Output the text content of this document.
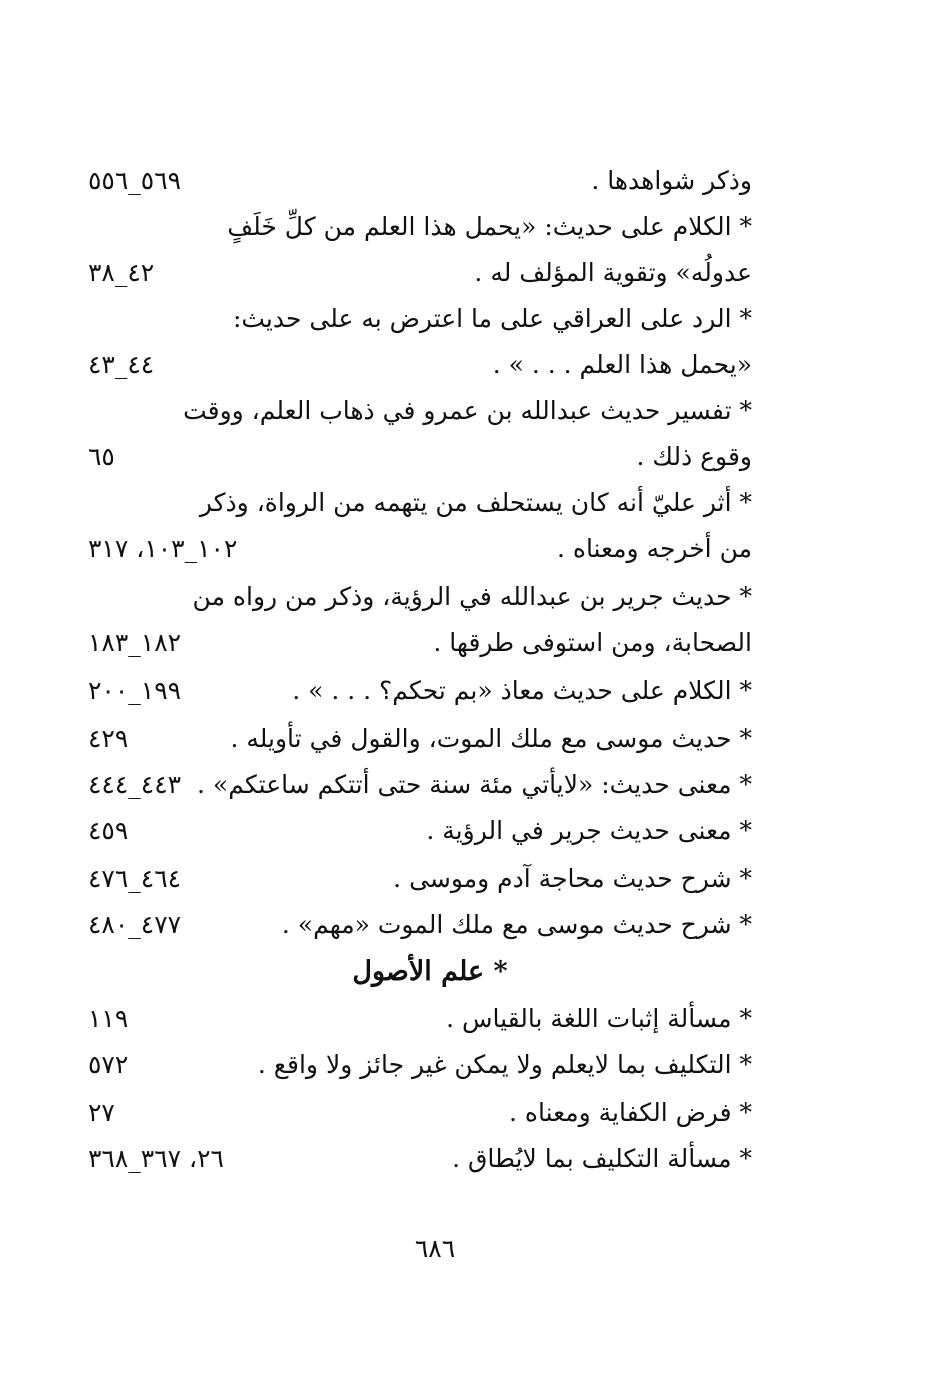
وذكر شواهدها .
٥٦٩_٥٥٦
* الكلام على حديث: «يحمل هذا العلم من كلِّ خَلَفٍ
عدولُه» وتقوية المؤلف له .
٤٢_٣٨
* الرد على العراقي على ما اعترض به على حديث:
«يحمل هذا العلم . . . » .
٤٤_٤٣
* تفسير حديث عبدالله بن عمرو في ذهاب العلم، ووقت
وقوع ذلك .
٦٥
* أثر عليّ أنه كان يستحلف من يتهمه من الرواة، وذكر
من أخرجه ومعناه .
١٠٢_١٠٣، ٣١٧
* حديث جرير بن عبدالله في الرؤية، وذكر من رواه من
الصحابة، ومن استوفى طرقها .
١٨٢_١٨٣
* الكلام على حديث معاذ «بم تحكم؟ . . . » .
١٩٩_٢٠٠
* حديث موسى مع ملك الموت، والقول في تأويله .
٤٢٩
* معنى حديث: «لايأتي مئة سنة حتى أتتكم ساعتكم» .
٤٤٣_٤٤٤
* معنى حديث جرير في الرؤية .
٤٥٩
* شرح حديث محاجة آدم وموسى .
٤٦٤_٤٧٦
* شرح حديث موسى مع ملك الموت «مهم» .
٤٧٧_٤٨٠
* علم الأصول
* مسألة إثبات اللغة بالقياس .
١١٩
* التكليف بما لايعلم ولا يمكن غير جائز ولا واقع .
٥٧٢
* فرض الكفاية ومعناه .
٢٧
* مسألة التكليف بما لايُطاق .
٢٦، ٣٦٧_٣٦٨
٦٨٦
